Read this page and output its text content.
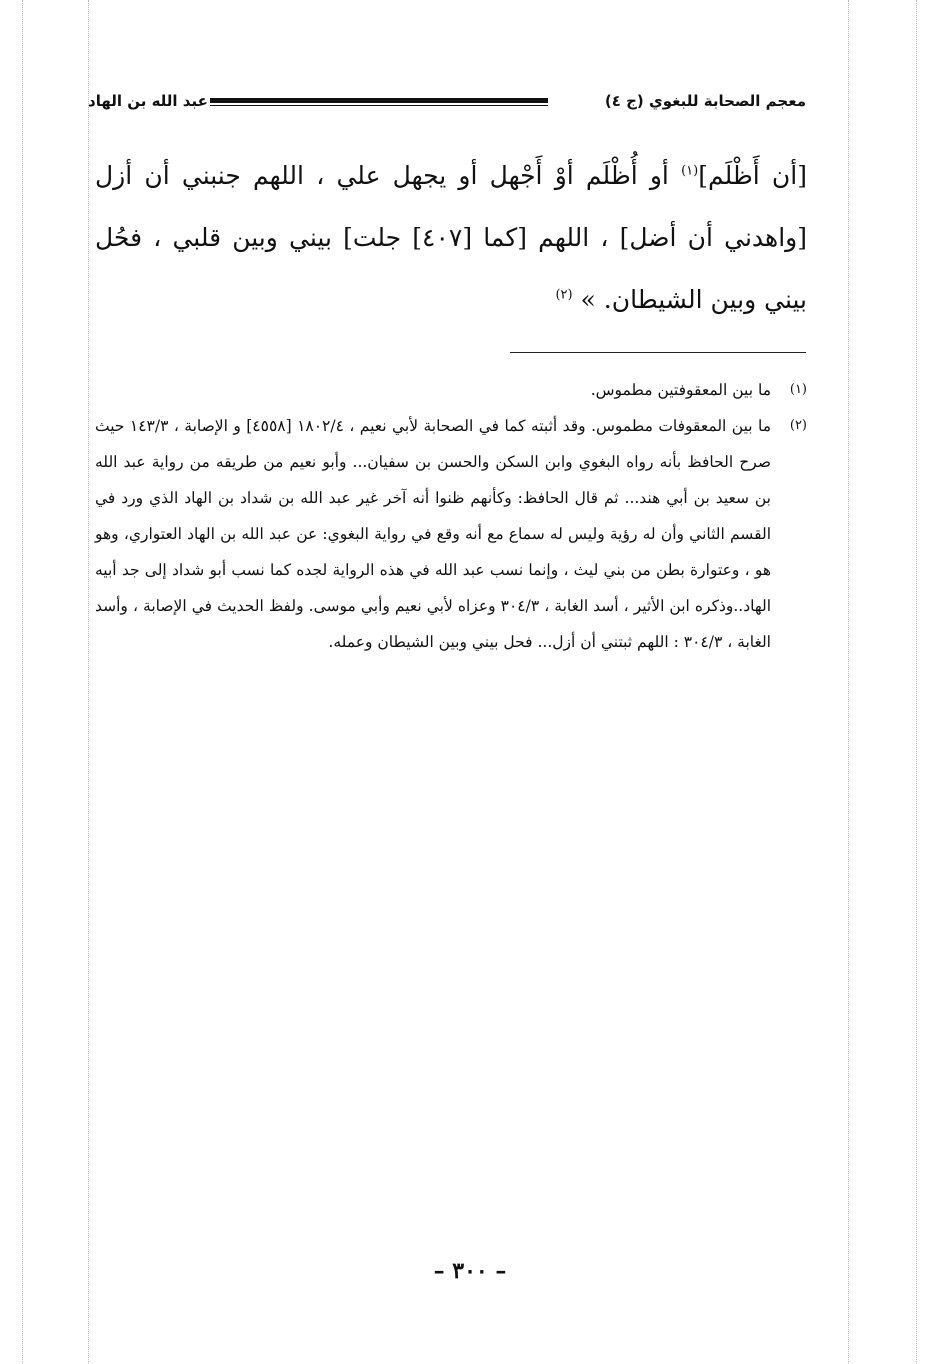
معجم الصحابة للبغوي (ج ٤)
عبد الله بن الهاد
[أن أَظْلَم]$^{(١)}$ أو أُظْلَم أوْ أَجْهل أو يجهل علي ، اللهم جنبني أن أزل [واهدني أن أضل] ، اللهم [كما [٤٠٧] جلت] بيني وبين قلبي ، فحُل بيني وبين الشيطان. » $^{(٢)}$
(١)
ما بين المعقوفتين مطموس.
(٢)
ما بين المعقوفات مطموس. وقد أثبته كما في الصحابة لأبي نعيم ، ١٨٠٢/٤ [٤٥٥٨] و الإصابة ، ١٤٣/٣ حيث صرح الحافظ بأنه رواه البغوي وابن السكن والحسن بن سفيان... وأبو نعيم من طريقه من رواية عبد الله بن سعيد بن أبي هند... ثم قال الحافظ: وكأنهم ظنوا أنه آخر غير عبد الله بن شداد بن الهاد الذي ورد في القسم الثاني وأن له رؤية وليس له سماع مع أنه وقع في رواية البغوي: عن عبد الله بن الهاد العتواري، وهو هو ، وعتوارة بطن من بني ليث ، وإنما نسب عبد الله في هذه الرواية لجده كما نسب أبو شداد إلى جد أبيه الهاد..وذكره ابن الأثير ، أسد الغابة ، ٣٠٤/٣ وعزاه لأبي نعيم وأبي موسى. ولفظ الحديث في الإصابة ، وأسد الغابة ، ٣٠٤/٣ : اللهم ثبتني أن أزل... فحل بيني وبين الشيطان وعمله.
– ٣٠٠ –
